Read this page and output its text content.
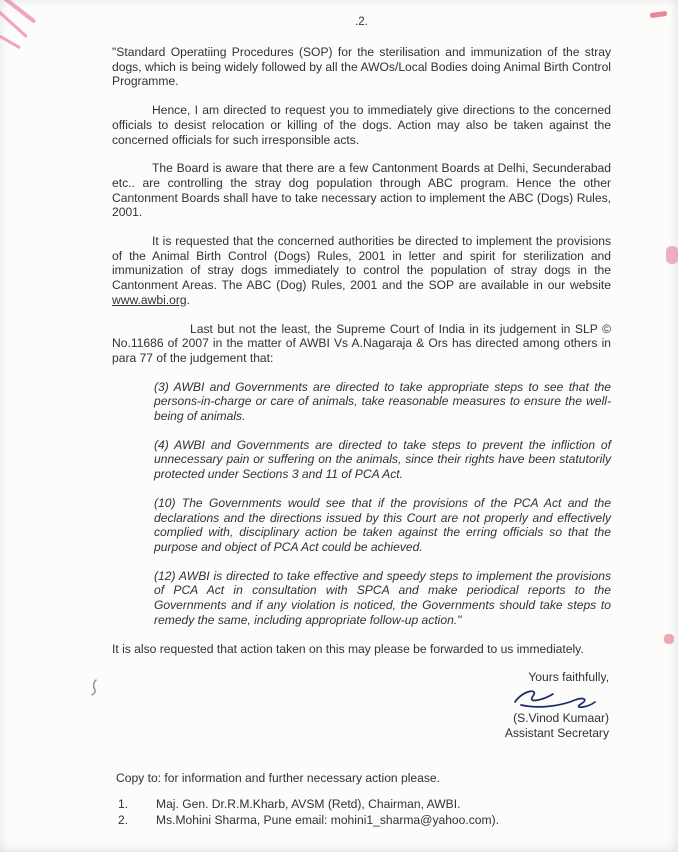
.2.

"Standard Operatiing Procedures (SOP) for the sterilisation and immunization of the stray dogs, which is being widely followed by all the AWOs/Local Bodies doing Animal Birth Control Programme.

Hence, I am directed to request you to immediately give directions to the concerned officials to desist relocation or killing of the dogs. Action may also be taken against the concerned officials for such irresponsible acts.

The Board is aware that there are a few Cantonment Boards at Delhi, Secunderabad etc.. are controlling the stray dog population through ABC program. Hence the other Cantonment Boards shall have to take necessary action to implement the ABC (Dogs) Rules, 2001.

It is requested that the concerned authorities be directed to implement the provisions of the Animal Birth Control (Dogs) Rules, 2001 in letter and spirit for sterilization and immunization of stray dogs immediately to control the population of stray dogs in the Cantonment Areas. The ABC (Dog) Rules, 2001 and the SOP are available in our website www.awbi.org.

Last but not the least, the Supreme Court of India in its judgement in SLP © No.11686 of 2007 in the matter of AWBI Vs A.Nagaraja & Ors has directed among others in para 77 of the judgement that:

(3) AWBI and Governments are directed to take appropriate steps to see that the persons-in-charge or care of animals, take reasonable measures to ensure the well-being of animals.

(4) AWBI and Governments are directed to take steps to prevent the infliction of unnecessary pain or suffering on the animals, since their rights have been statutorily protected under Sections 3 and 11 of PCA Act.

(10) The Governments would see that if the provisions of the PCA Act and the declarations and the directions issued by this Court are not properly and effectively complied with, disciplinary action be taken against the erring officials so that the purpose and object of PCA Act could be achieved.

(12) AWBI is directed to take effective and speedy steps to implement the provisions of PCA Act in consultation with SPCA and make periodical reports to the Governments and if any violation is noticed, the Governments should take steps to remedy the same, including appropriate follow-up action."

It is also requested that action taken on this may please be forwarded to us immediately.

Yours faithfully,
(S.Vinod Kumaar)
Assistant Secretary
Copy to: for information and further necessary action please.
1.	Maj. Gen. Dr.R.M.Kharb, AVSM (Retd), Chairman, AWBI.
2.	Ms.Mohini Sharma, Pune email: mohini1_sharma@yahoo.com).
